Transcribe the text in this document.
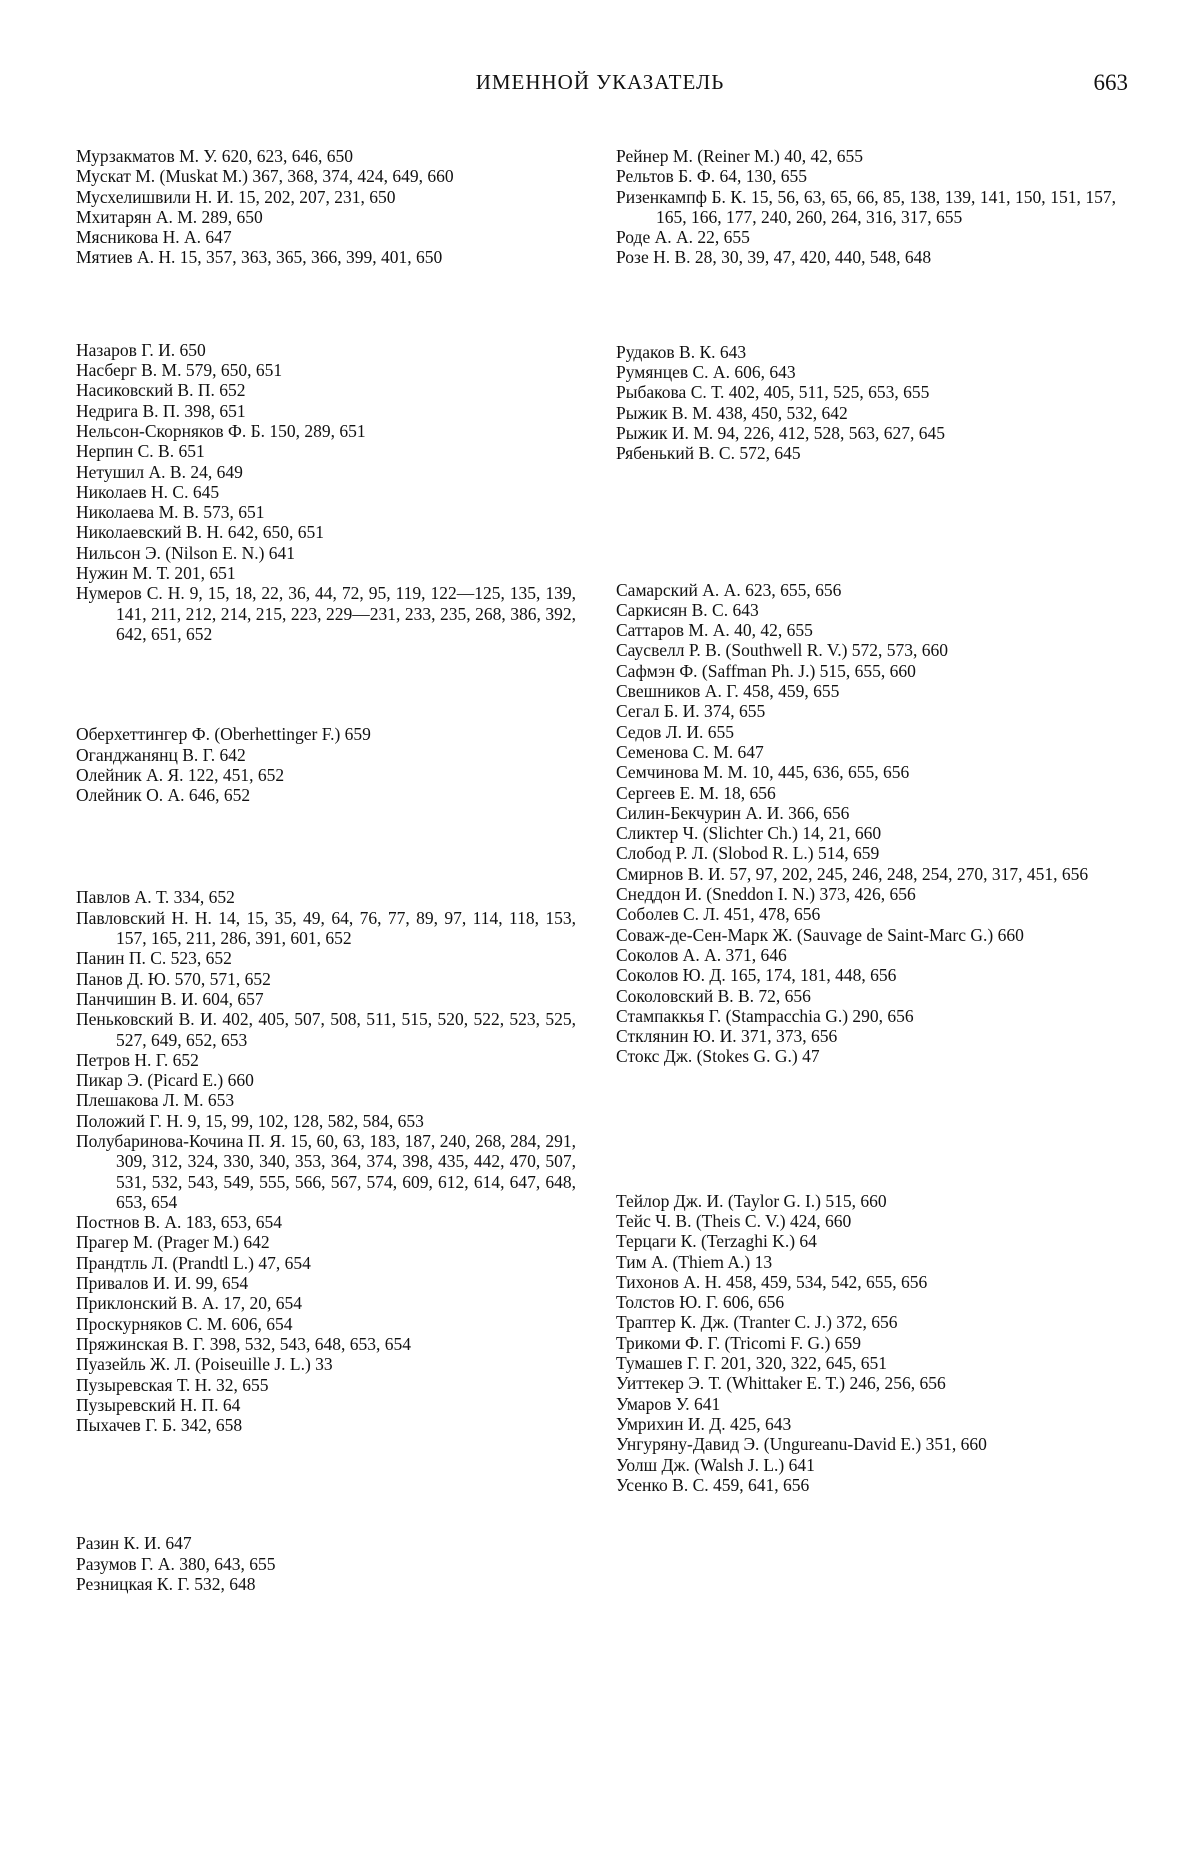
ИМЕННОЙ УКАЗАТЕЛЬ	663

Мурзакматов М. У. 620, 623, 646, 650

Мускат М. (Muskat M.) 367, 368, 374, 424, 649, 660

Мусхелишвили Н. И. 15, 202, 207, 231, 650

Мхитарян А. М. 289, 650

Мясникова Н. А. 647

Мятиев А. Н. 15, 357, 363, 365, 366, 399, 401, 650

Назаров Г. И. 650

Насберг В. М. 579, 650, 651

Насиковский В. П. 652

Недрига В. П. 398, 651

Нельсон-Скорняков Ф. Б. 150, 289, 651

Нерпин С. В. 651

Нетушил А. В. 24, 649

Николаев Н. С. 645

Николаева М. В. 573, 651

Николаевский В. Н. 642, 650, 651

Нильсон Э. (Nilson E. N.) 641

Нужин М. Т. 201, 651

Нумеров С. Н. 9, 15, 18, 22, 36, 44, 72, 95, 119, 122—125, 135, 139, 141, 211, 212, 214, 215, 223, 229—231, 233, 235, 268, 386, 392, 642, 651, 652

Оберхеттингер Ф. (Oberhettinger F.) 659

Оганджанянц В. Г. 642

Олейник А. Я. 122, 451, 652

Олейник О. А. 646, 652

Павлов А. Т. 334, 652

Павловский Н. Н. 14, 15, 35, 49, 64, 76, 77, 89, 97, 114, 118, 153, 157, 165, 211, 286, 391, 601, 652

Панин П. С. 523, 652

Панов Д. Ю. 570, 571, 652

Панчишин В. И. 604, 657

Пеньковский В. И. 402, 405, 507, 508, 511, 515, 520, 522, 523, 525, 527, 649, 652, 653

Петров Н. Г. 652

Пикар Э. (Picard E.) 660

Плешакова Л. М. 653

Положий Г. Н. 9, 15, 99, 102, 128, 582, 584, 653

Полубаринова-Кочина П. Я. 15, 60, 63, 183, 187, 240, 268, 284, 291, 309, 312, 324, 330, 340, 353, 364, 374, 398, 435, 442, 470, 507, 531, 532, 543, 549, 555, 566, 567, 574, 609, 612, 614, 647, 648, 653, 654

Постнов В. А. 183, 653, 654

Прагер М. (Prager M.) 642

Прандтль Л. (Prandtl L.) 47, 654

Привалов И. И. 99, 654

Приклонский В. А. 17, 20, 654

Проскурняков С. М. 606, 654

Пряжинская В. Г. 398, 532, 543, 648, 653, 654

Пуазейль Ж. Л. (Poiseuille J. L.) 33

Пузыревская Т. Н. 32, 655

Пузыревский Н. П. 64

Пыхачев Г. Б. 342, 658

Разин К. И. 647

Разумов Г. А. 380, 643, 655

Резницкая К. Г. 532, 648

Рейнер М. (Reiner M.) 40, 42, 655

Рельтов Б. Ф. 64, 130, 655

Ризенкампф Б. К. 15, 56, 63, 65, 66, 85, 138, 139, 141, 150, 151, 157, 165, 166, 177, 240, 260, 264, 316, 317, 655

Роде А. А. 22, 655

Розе Н. В. 28, 30, 39, 47, 420, 440, 548, 648

Рудаков В. К. 643

Румянцев С. А. 606, 643

Рыбакова С. Т. 402, 405, 511, 525, 653, 655

Рыжик В. М. 438, 450, 532, 642

Рыжик И. М. 94, 226, 412, 528, 563, 627, 645

Рябенький В. С. 572, 645

Самарский А. А. 623, 655, 656

Саркисян В. С. 643

Саттаров М. А. 40, 42, 655

Саусвелл Р. В. (Southwell R. V.) 572, 573, 660

Сафмэн Ф. (Saffman Ph. J.) 515, 655, 660

Свешников А. Г. 458, 459, 655

Сегал Б. И. 374, 655

Седов Л. И. 655

Семенова С. М. 647

Семчинова М. М. 10, 445, 636, 655, 656

Сергеев Е. М. 18, 656

Силин-Бекчурин А. И. 366, 656

Сликтер Ч. (Slichter Ch.) 14, 21, 660

Слобод Р. Л. (Slobod R. L.) 514, 659

Смирнов В. И. 57, 97, 202, 245, 246, 248, 254, 270, 317, 451, 656

Снеддон И. (Sneddon I. N.) 373, 426, 656

Соболев С. Л. 451, 478, 656

Соваж-де-Сен-Марк Ж. (Sauvage de Saint-Marc G.) 660

Соколов А. А. 371, 646

Соколов Ю. Д. 165, 174, 181, 448, 656

Соколовский В. В. 72, 656

Стампаккья Г. (Stampacchia G.) 290, 656

Стклянин Ю. И. 371, 373, 656

Стокс Дж. (Stokes G. G.) 47

Тейлор Дж. И. (Taylor G. I.) 515, 660

Тейс Ч. В. (Theis C. V.) 424, 660

Терцаги К. (Terzaghi K.) 64

Тим А. (Thiem A.) 13

Тихонов А. Н. 458, 459, 534, 542, 655, 656

Толстов Ю. Г. 606, 656

Траптер К. Дж. (Tranter C. J.) 372, 656

Трикоми Ф. Г. (Tricomi F. G.) 659

Тумашев Г. Г. 201, 320, 322, 645, 651

Уиттекер Э. Т. (Whittaker E. T.) 246, 256, 656

Умаров У. 641

Умрихин И. Д. 425, 643

Унгуряну-Давид Э. (Ungureanu-David E.) 351, 660

Уолш Дж. (Walsh J. L.) 641

Усенко В. С. 459, 641, 656
